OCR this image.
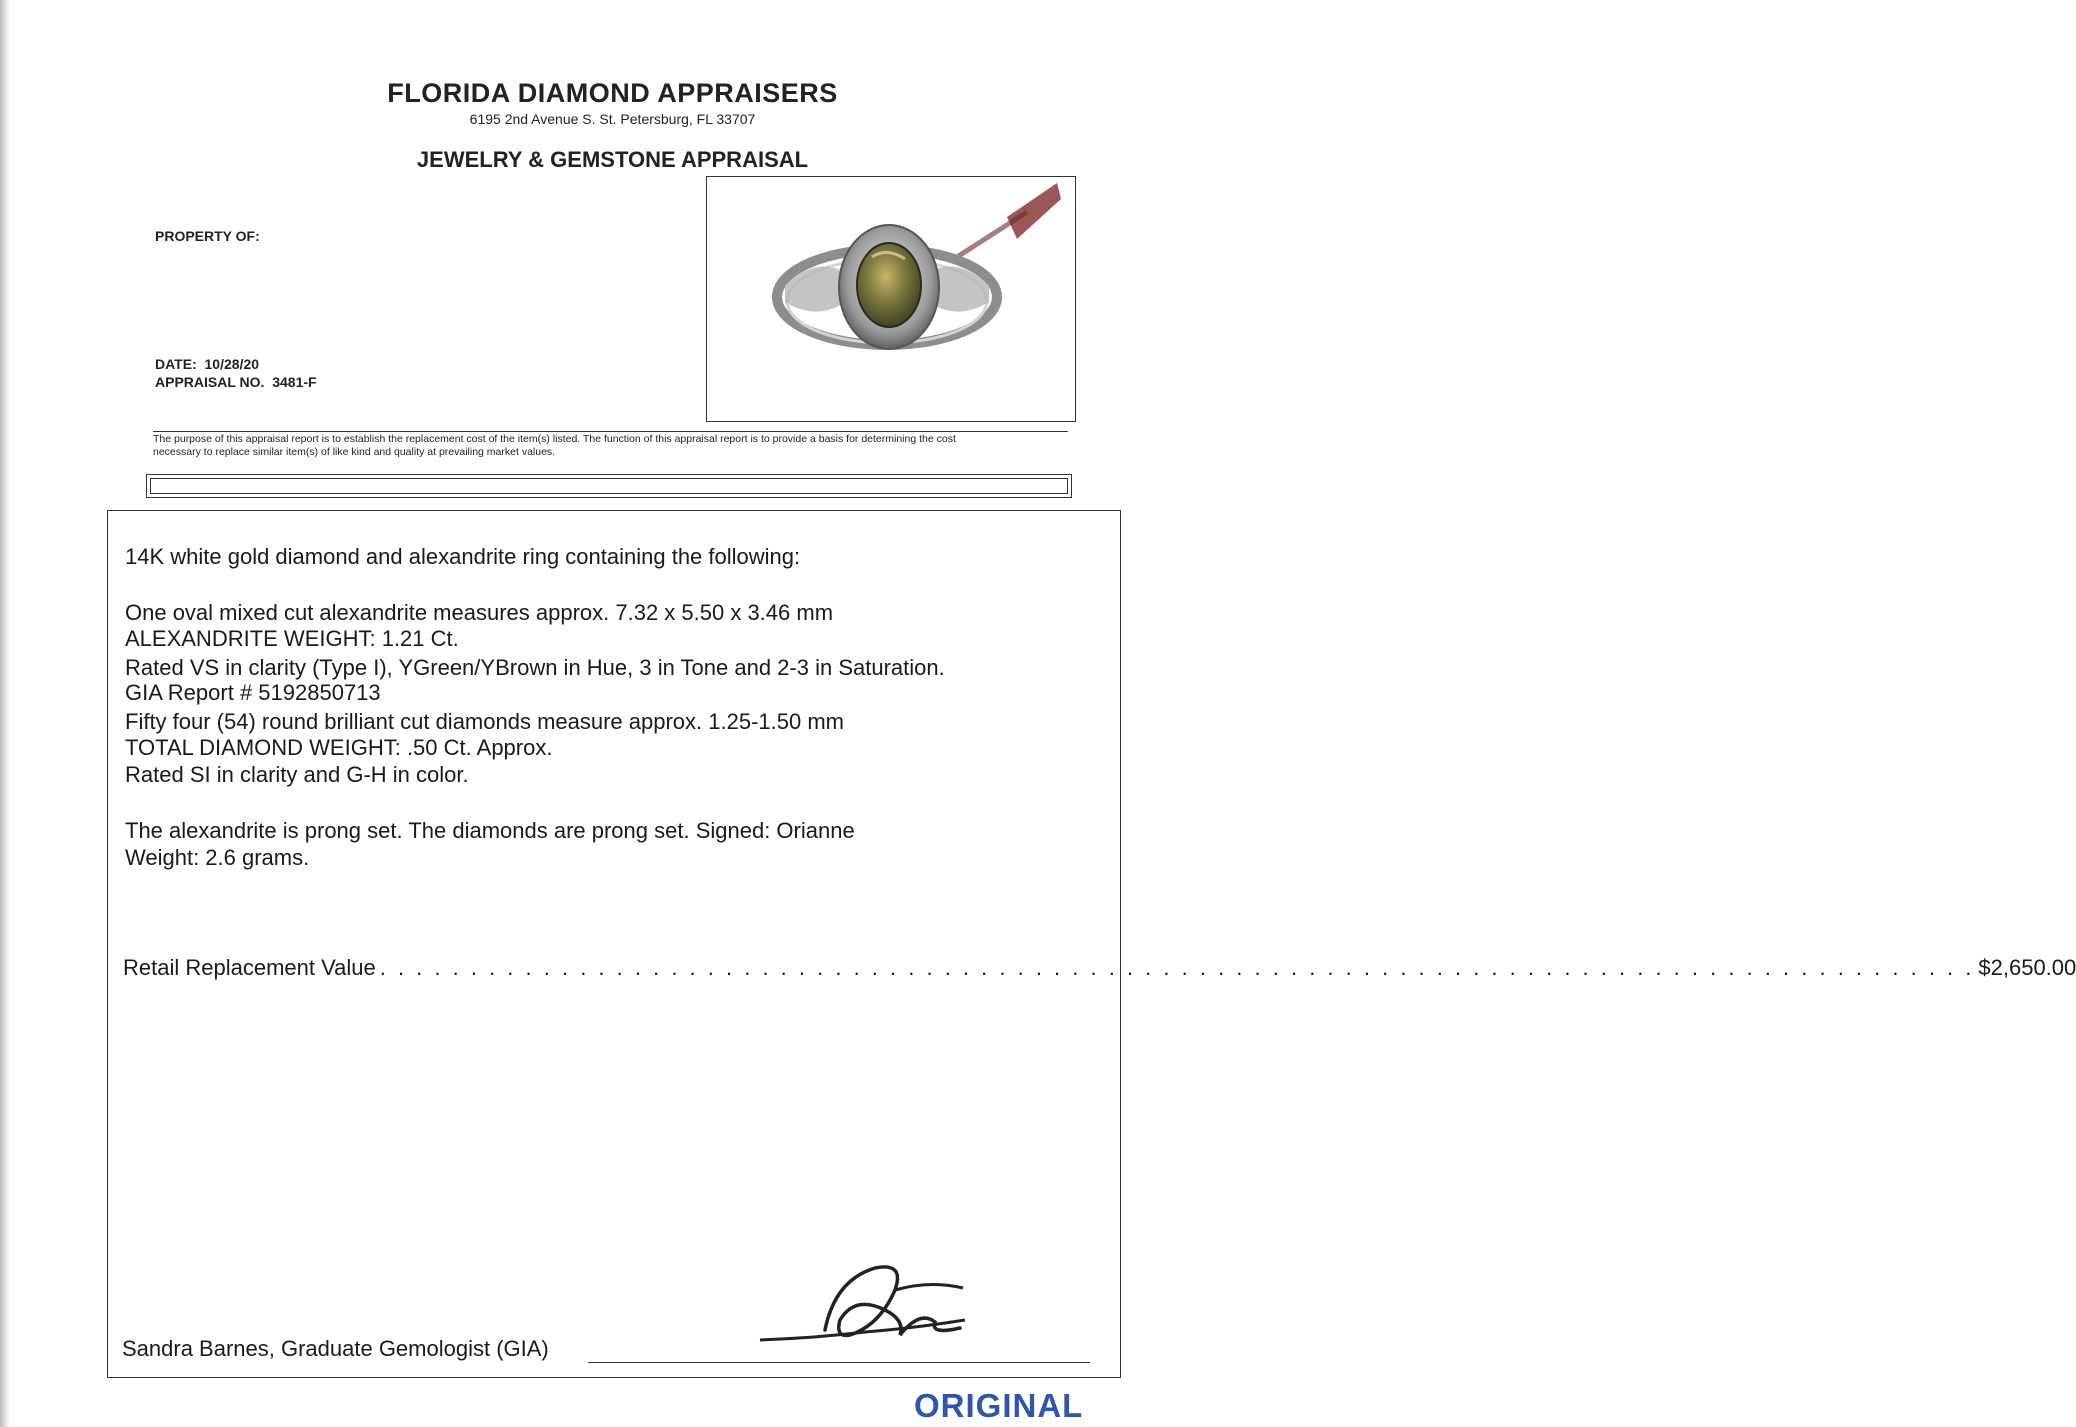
FLORIDA DIAMOND APPRAISERS
6195 2nd Avenue S. St. Petersburg, FL 33707
JEWELRY & GEMSTONE APPRAISAL
PROPERTY OF:
DATE: 10/28/20
APPRAISAL NO. 3481-F
The purpose of this appraisal report is to establish the replacement cost of the item(s) listed. The function of this appraisal report is to provide a basis for determining the cost
necessary to replace similar item(s) of like kind and quality at prevailing market values.
14K white gold diamond and alexandrite ring containing the following:
One oval mixed cut alexandrite measures approx. 7.32 x 5.50 x 3.46 mm
ALEXANDRITE WEIGHT: 1.21 Ct.
Rated VS in clarity (Type I), YGreen/YBrown in Hue, 3 in Tone and 2-3 in Saturation.
GIA Report # 5192850713
Fifty four (54) round brilliant cut diamonds measure approx. 1.25-1.50 mm
TOTAL DIAMOND WEIGHT: .50 Ct. Approx.
Rated SI in clarity and G-H in color.
The alexandrite is prong set. The diamonds are prong set. Signed: Orianne
Weight: 2.6 grams.
Retail Replacement Value . . . . . . . . . . . . . . . . . . . . . . . . . . . . . . . . . . . . . . . . . . . . . . . . . . . . . . . . . . . . . . . . . . . . . . . . . . . . . . . . . . . . . . . . $2,650.00
Sandra Barnes, Graduate Gemologist (GIA)
ORIGINAL
